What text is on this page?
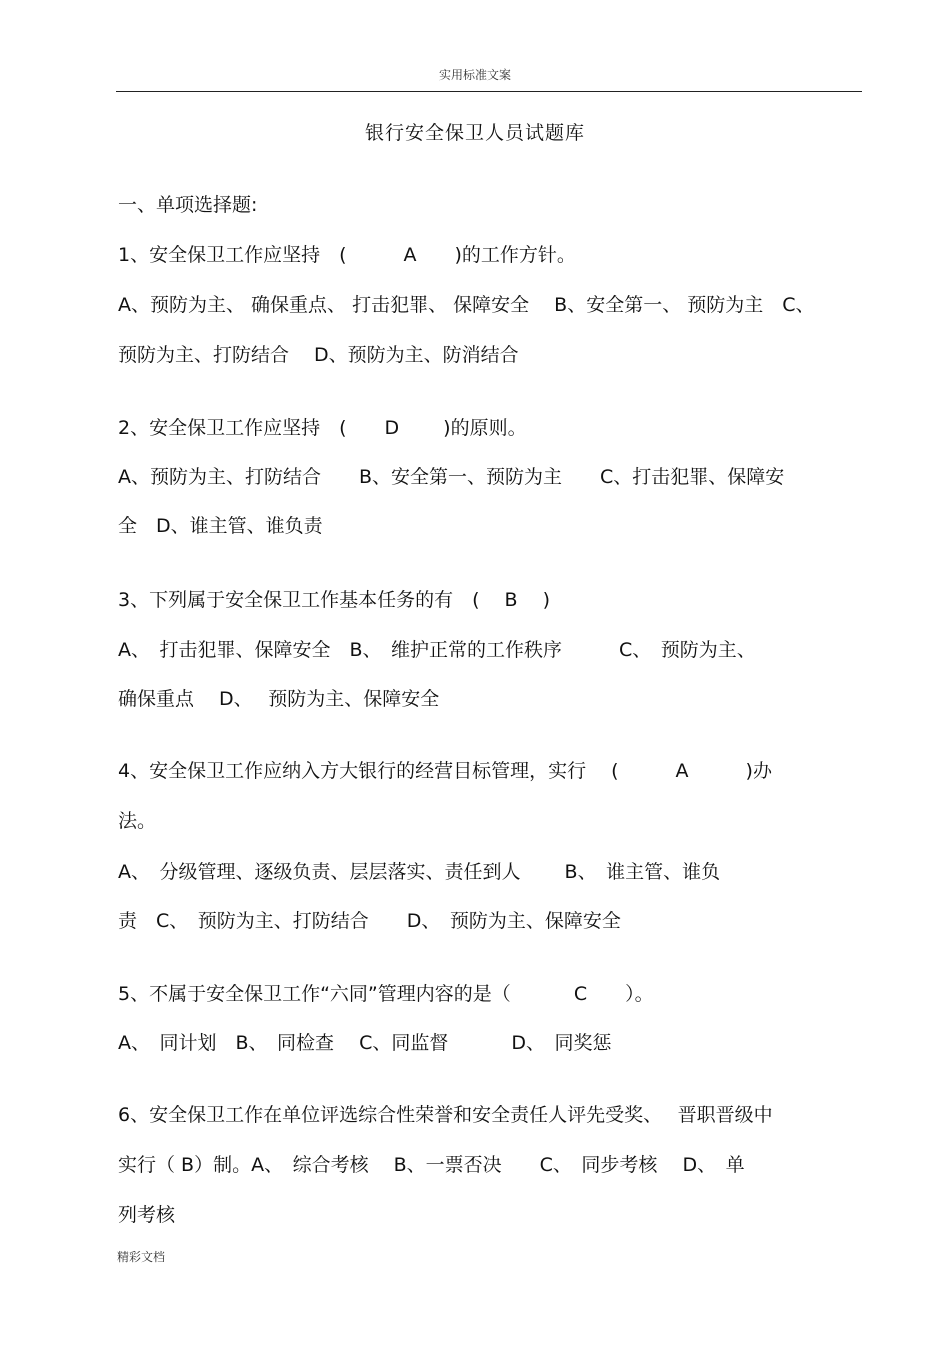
实用标准文案
银行安全保卫人员试题库
一、单项选择题:
1、安全保卫工作应坚持　(　　　A　　)的工作方针。
A、预防为主、 确保重点、 打击犯罪、 保障安全　 B、安全第一、 预防为主　C、
预防为主、打防结合　 D、预防为主、防消结合
2、安全保卫工作应坚持　(　　D　　 )的原则。
A、预防为主、打防结合　　B、安全第一、预防为主　　C、打击犯罪、保障安
全　D、谁主管、谁负责
3、下列属于安全保卫工作基本任务的有　(　 B　 )
A、　打击犯罪、保障安全　B、　维护正常的工作秩序　　　C、　预防为主、
确保重点　 D、　 预防为主、保障安全
4、安全保卫工作应纳入方大银行的经营目标管理，实行　 (　　　A　　　)办
法。
A、　分级管理、逐级负责、层层落实、责任到人　　 B、　谁主管、谁负
责　C、　预防为主、打防结合　　D、　预防为主、保障安全
5、不属于安全保卫工作“六同”管理内容的是（　　　 C　　）。
A、　同计划　B、　同检查　 C、同监督　　　 D、　同奖惩
6、安全保卫工作在单位评选综合性荣誉和安全责任人评先受奖、　 晋职晋级中
实行（ B）制。A、　综合考核　 B、一票否决　　C、　同步考核　 D、　单
列考核
精彩文档
